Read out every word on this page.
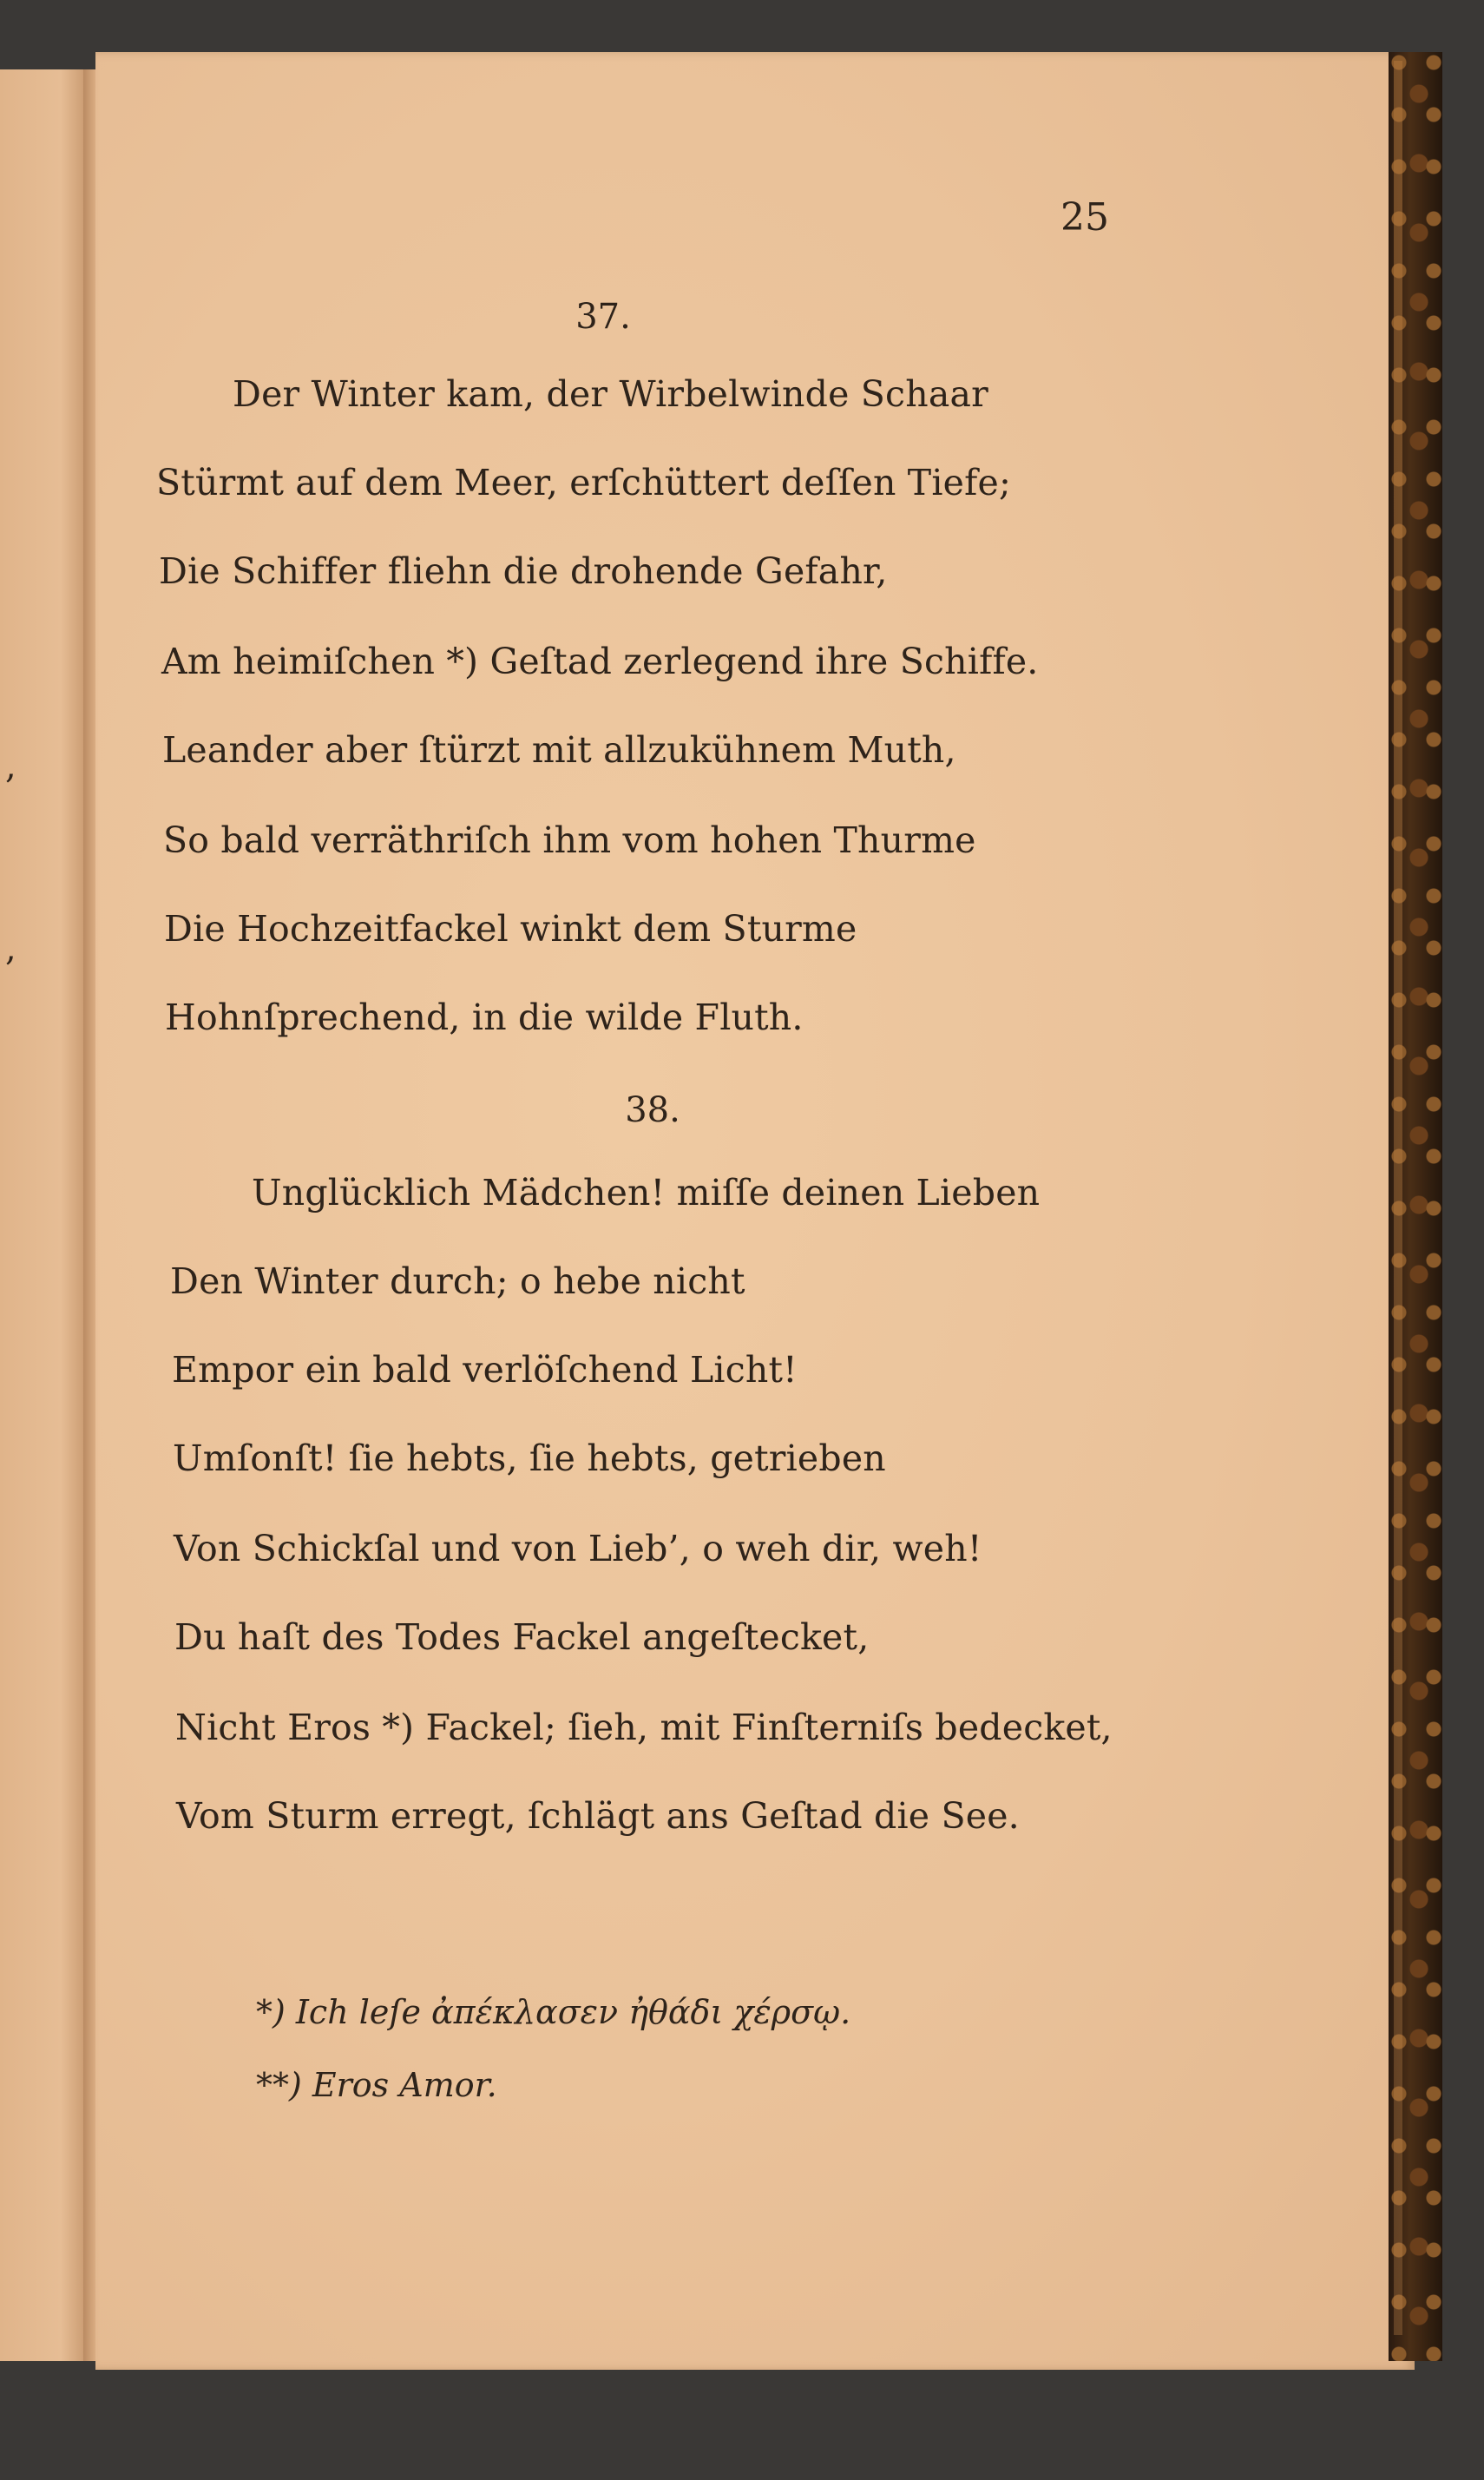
,
,
25
37.
Der Winter kam, der Wirbelwinde Schaar
Stürmt auf dem Meer, erſchüttert deſſen Tiefe;
Die Schiffer fliehn die drohende Gefahr,
Am heimiſchen *) Geſtad zerlegend ihre Schiffe.
Leander aber ſtürzt mit allzukühnem Muth,
So bald verräthriſch ihm vom hohen Thurme
Die Hochzeitfackel winkt dem Sturme
Hohnſprechend, in die wilde Fluth.
38.
Unglücklich Mädchen! miſſe deinen Lieben
Den Winter durch; o hebe nicht
Empor ein bald verlöſchend Licht!
Umſonſt! ſie hebts, ſie hebts, getrieben
Von Schickſal und von Lieb’, o weh dir, weh!
Du haſt des Todes Fackel angeſtecket,
Nicht Eros *) Fackel; ſieh, mit Finſterniſs bedecket,
Vom Sturm erregt, ſchlägt ans Geſtad die See.
*) Ich leſe ἀπέκλασεν ἠθάδι χέρσῳ.
**) Eros Amor.
